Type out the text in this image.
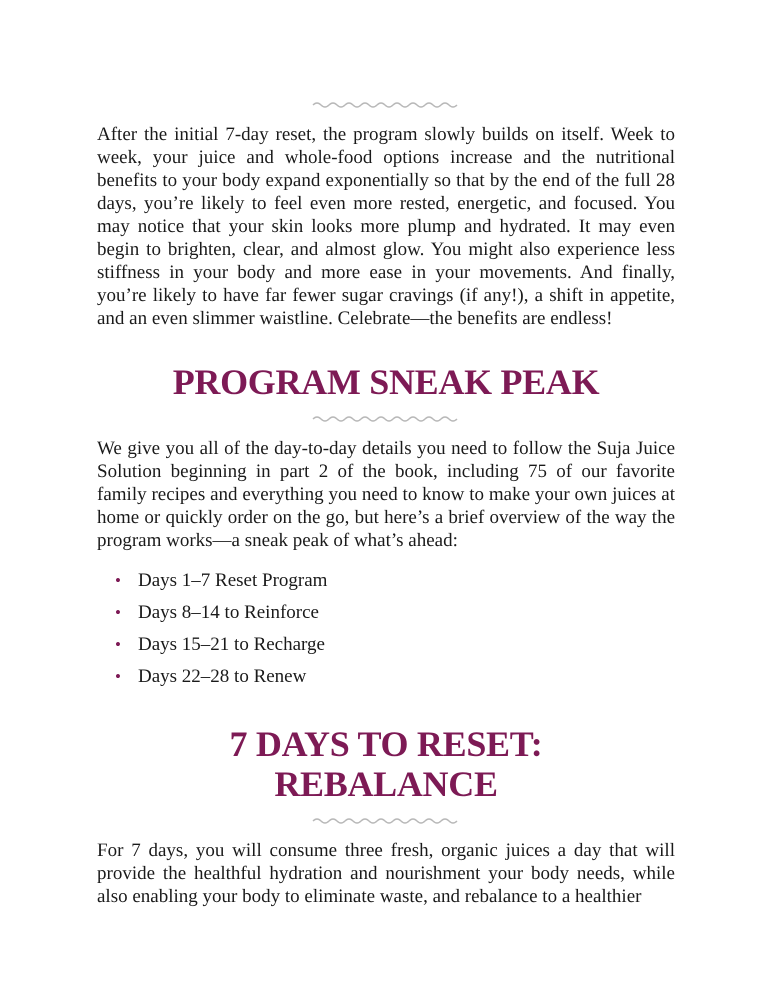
After the initial 7-day reset, the program slowly builds on itself. Week to week, your juice and whole-food options increase and the nutritional benefits to your body expand exponentially so that by the end of the full 28 days, you’re likely to feel even more rested, energetic, and focused. You may notice that your skin looks more plump and hydrated. It may even begin to brighten, clear, and almost glow. You might also experience less stiffness in your body and more ease in your movements. And finally, you’re likely to have far fewer sugar cravings (if any!), a shift in appetite, and an even slimmer waistline. Celebrate—the benefits are endless!

PROGRAM SNEAK PEAK

We give you all of the day-to-day details you need to follow the Suja Juice Solution beginning in part 2 of the book, including 75 of our favorite family recipes and everything you need to know to make your own juices at home or quickly order on the go, but here’s a brief overview of the way the program works—a sneak peak of what’s ahead:

• Days 1–7 Reset Program
• Days 8–14 to Reinforce
• Days 15–21 to Recharge
• Days 22–28 to Renew
7 DAYS TO RESET:
REBALANCE

For 7 days, you will consume three fresh, organic juices a day that will provide the healthful hydration and nourishment your body needs, while also enabling your body to eliminate waste, and rebalance to a healthier
